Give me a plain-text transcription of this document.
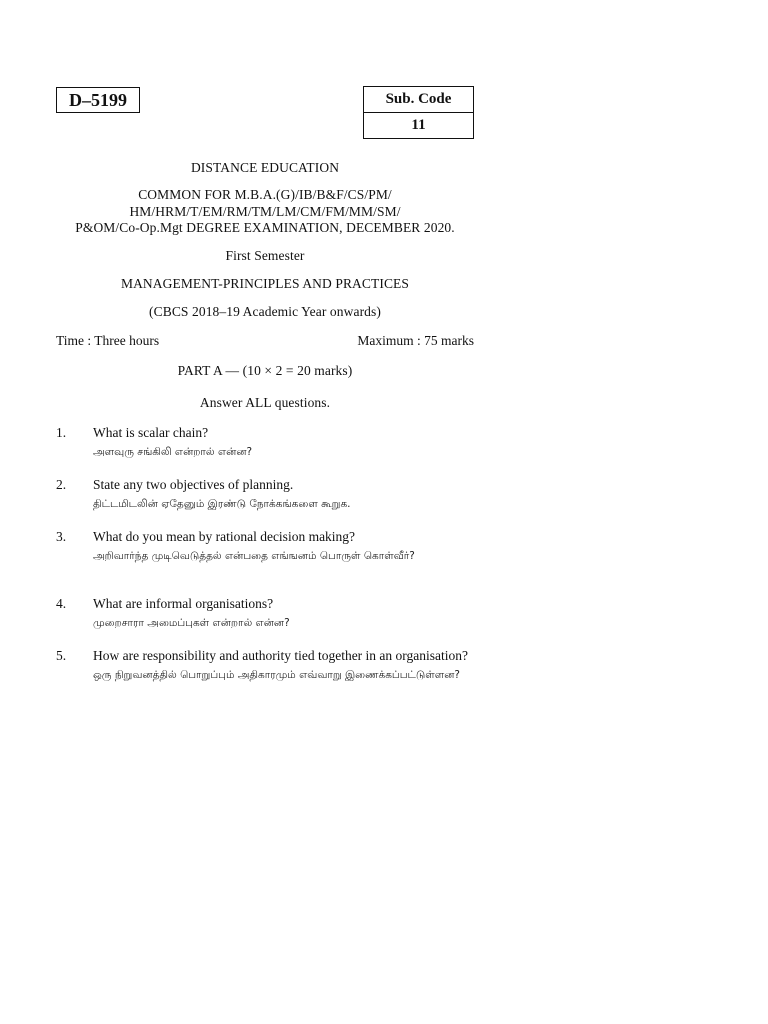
D–5199	Sub. Code
11
DISTANCE EDUCATION
COMMON FOR M.B.A.(G)/IB/B&F/CS/PM/
HM/HRM/T/EM/RM/TM/LM/CM/FM/MM/SM/
P&OM/Co-Op.Mgt DEGREE EXAMINATION, DECEMBER 2020.
First Semester
MANAGEMENT-PRINCIPLES AND PRACTICES
(CBCS 2018–19 Academic Year onwards)
Time : Three hours	Maximum : 75 marks
PART A — (10 × 2 = 20 marks)
Answer ALL questions.
1. What is scalar chain?
அளவுரு சங்கிலி என்றால் என்ன?
2. State any two objectives of planning.
திட்டமிடலின் ஏதேனும் இரண்டு நோக்கங்களை கூறுக.
3. What do you mean by rational decision making?
அறிவார்ந்த முடிவெடுத்தல் என்பதை எங்ஙனம் பொருள் கொள்வீர்?
4. What are informal organisations?
முறைசாரா அமைப்புகள் என்றால் என்ன?
5. How are responsibility and authority tied together in an organisation?
ஒரு நிறுவனத்தில் பொறுப்பும் அதிகாரமும் எவ்வாறு இணைக்கப்பட்டுள்ளன?
